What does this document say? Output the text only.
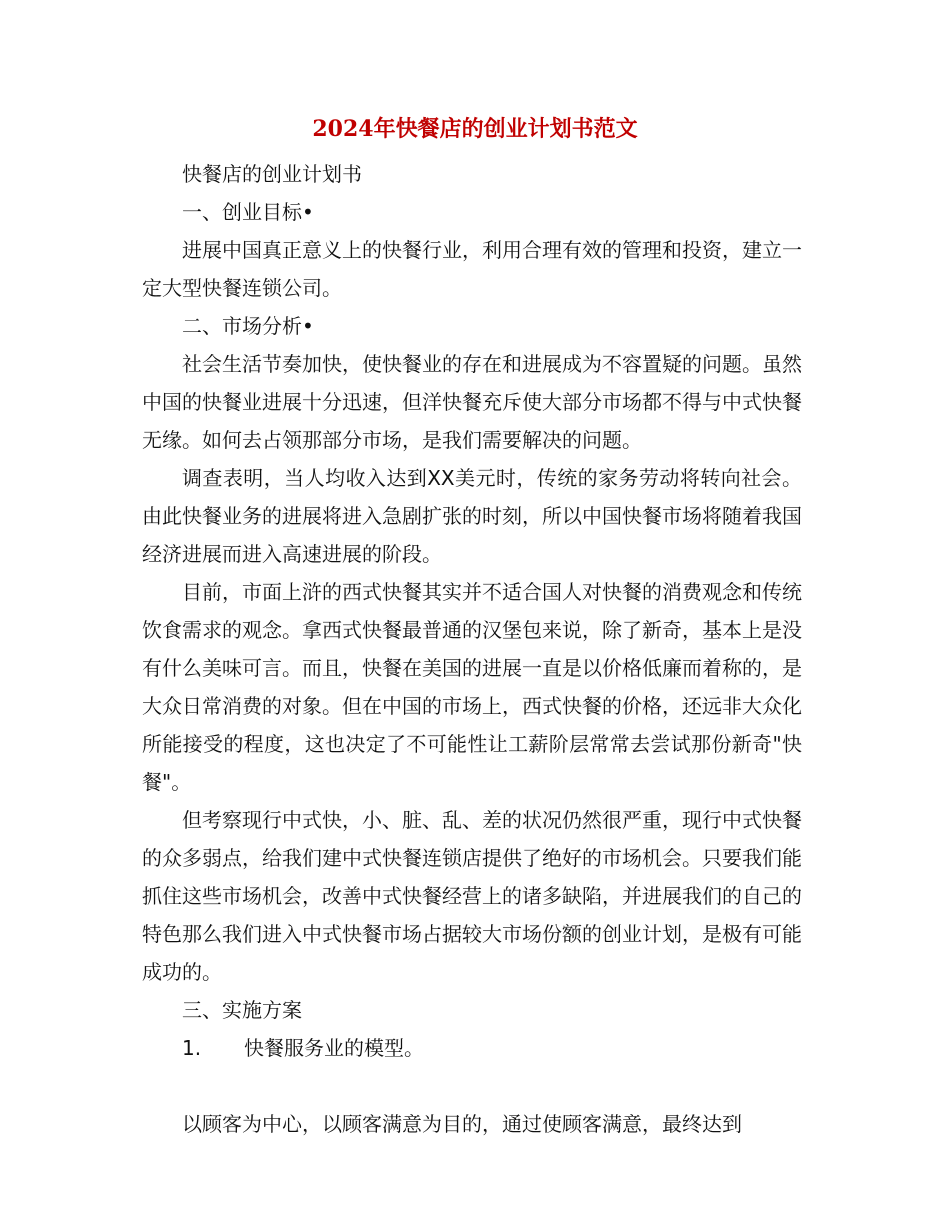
2024年快餐店的创业计划书范文

快餐店的创业计划书

一、创业目标•

进展中国真正意义上的快餐行业，利用合理有效的管理和投资，建立一定大型快餐连锁公司。

二、市场分析•

社会生活节奏加快，使快餐业的存在和进展成为不容置疑的问题。虽然中国的快餐业进展十分迅速，但洋快餐充斥使大部分市场都不得与中式快餐无缘。如何去占领那部分市场，是我们需要解决的问题。

调查表明，当人均收入达到XX美元时，传统的家务劳动将转向社会。由此快餐业务的进展将进入急剧扩张的时刻，所以中国快餐市场将随着我国经济进展而进入高速进展的阶段。

目前，市面上浒的西式快餐其实并不适合国人对快餐的消费观念和传统饮食需求的观念。拿西式快餐最普通的汉堡包来说，除了新奇，基本上是没有什么美味可言。而且，快餐在美国的进展一直是以价格低廉而着称的，是大众日常消费的对象。但在中国的市场上，西式快餐的价格，还远非大众化所能接受的程度，这也决定了不可能性让工薪阶层常常去尝试那份新奇"快餐"。

但考察现行中式快，小、脏、乱、差的状况仍然很严重，现行中式快餐的众多弱点，给我们建中式快餐连锁店提供了绝好的市场机会。只要我们能抓住这些市场机会，改善中式快餐经营上的诸多缺陷，并进展我们的自己的特色那么我们进入中式快餐市场占据较大市场份额的创业计划，是极有可能成功的。

三、实施方案

1. 快餐服务业的模型。

以顾客为中心，以顾客满意为目的，通过使顾客满意，最终达到
